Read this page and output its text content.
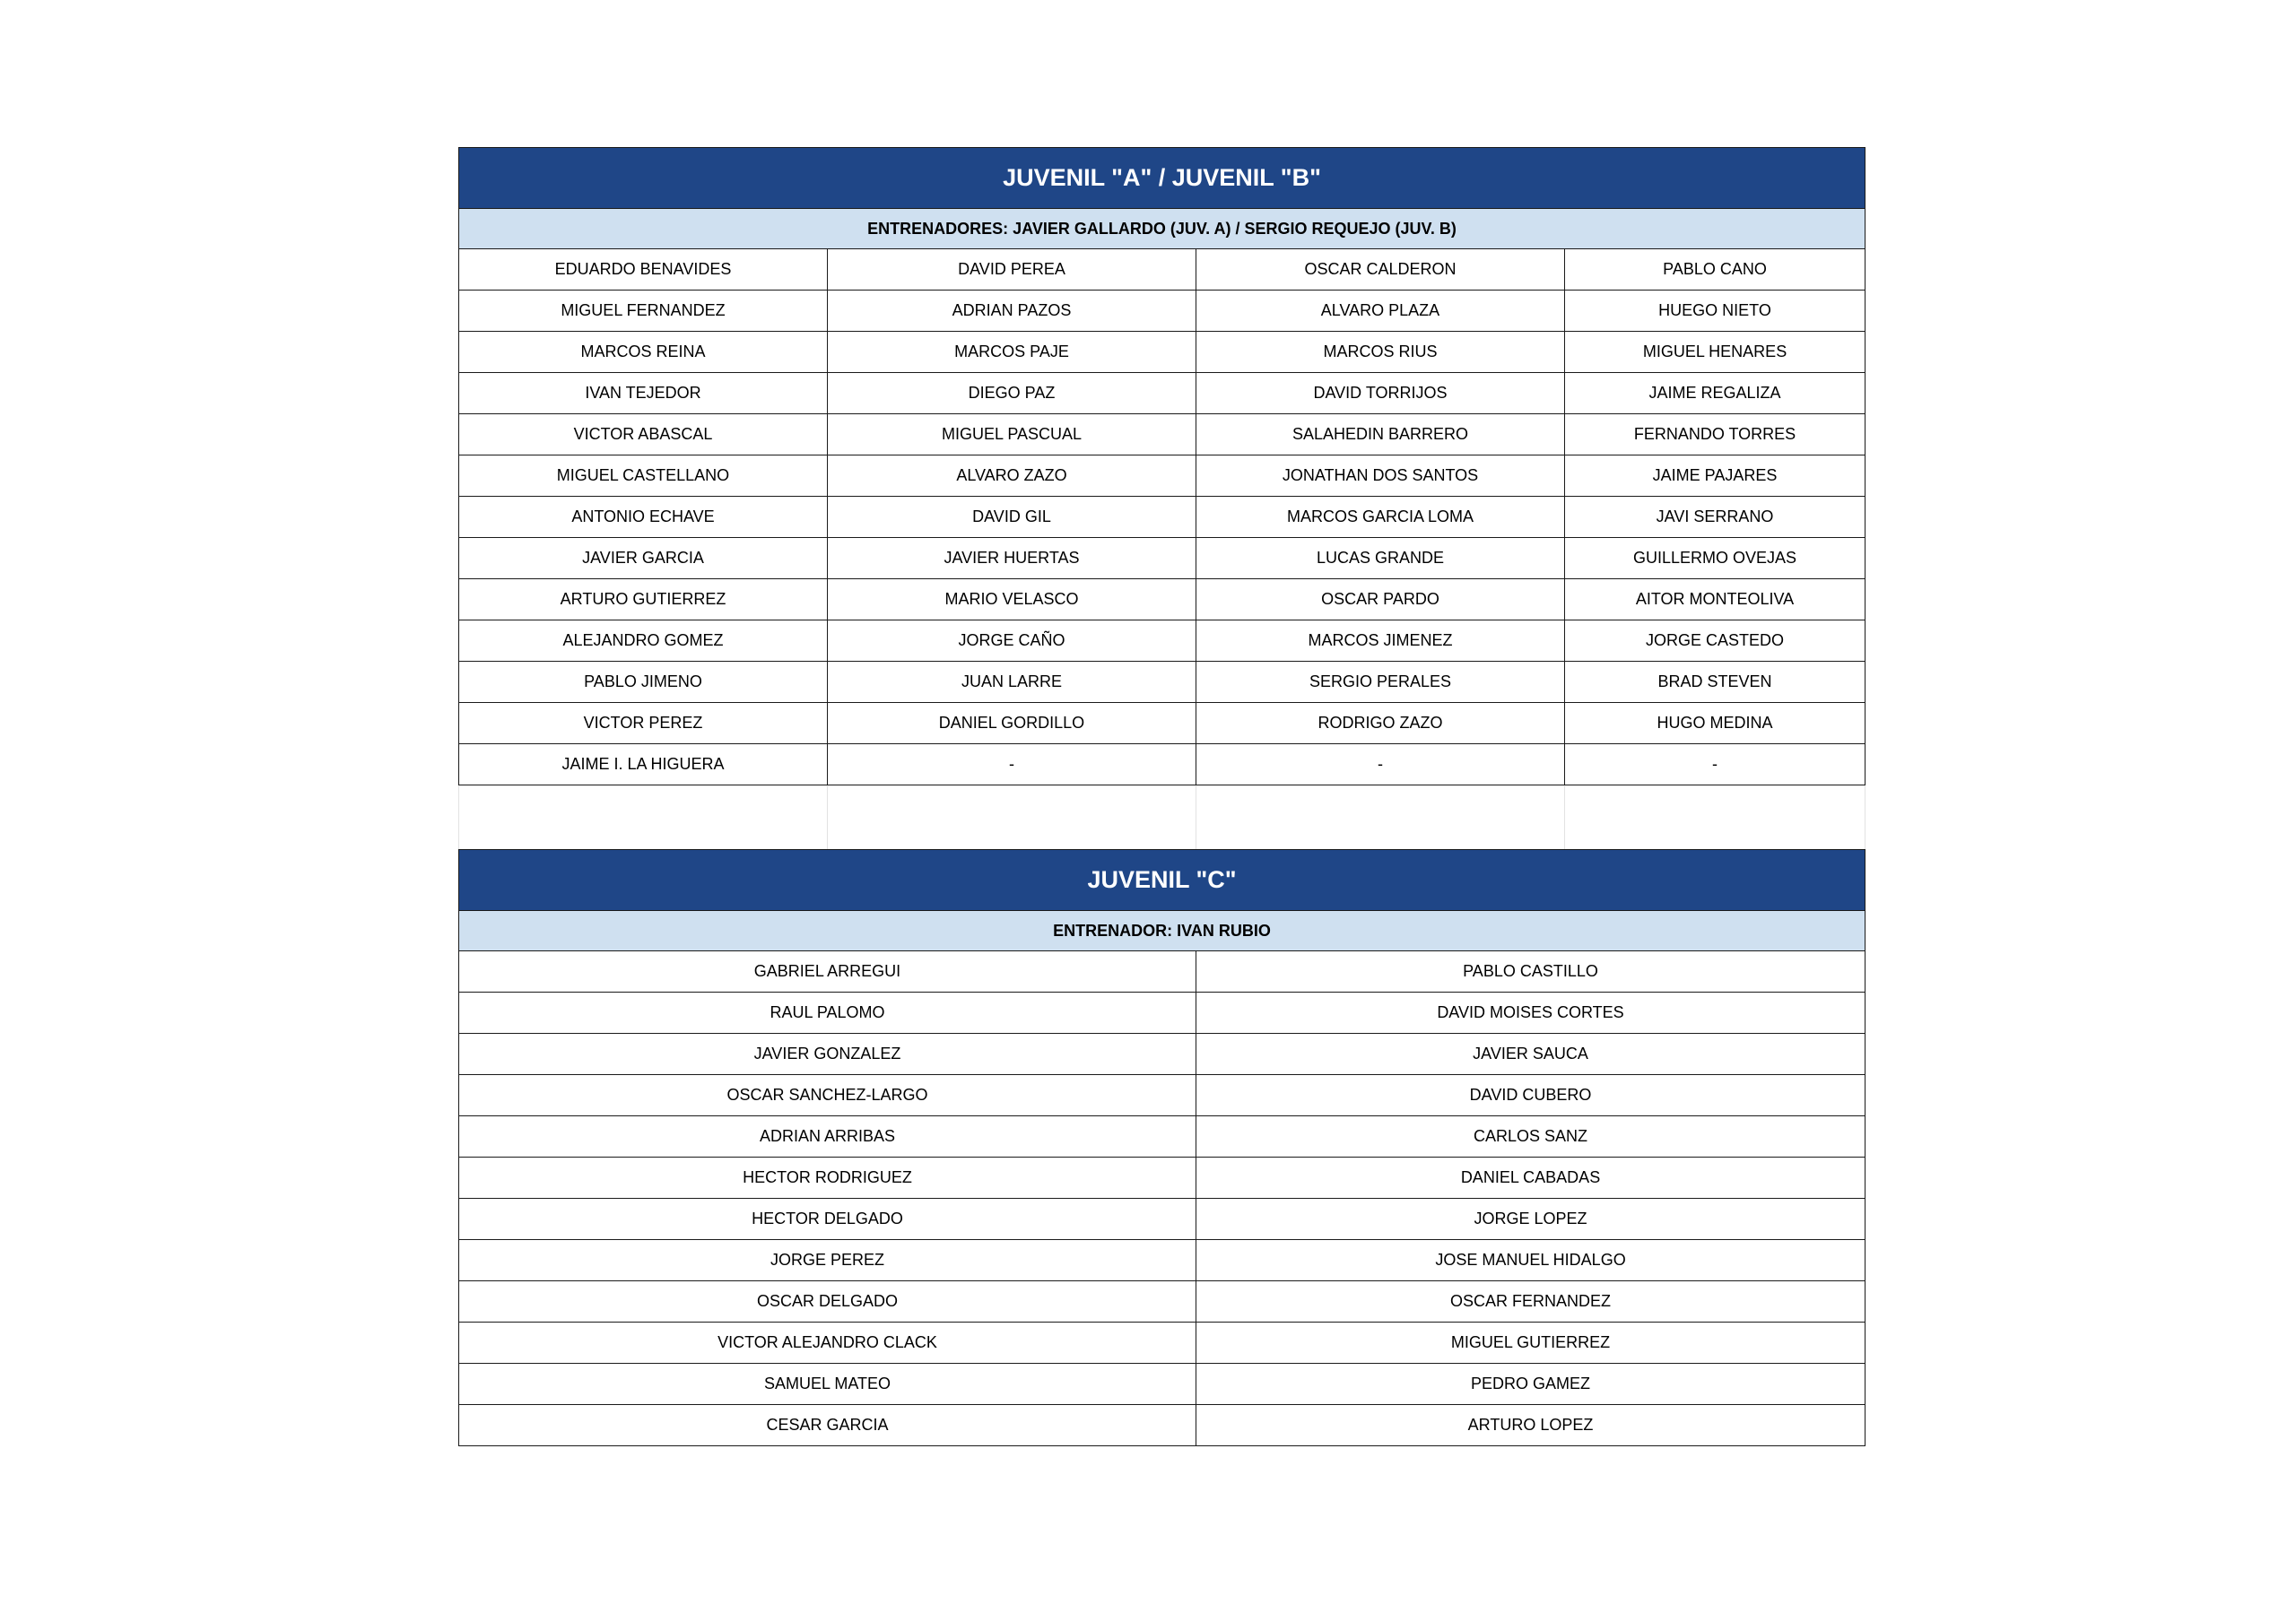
JUVENIL "A" / JUVENIL "B"			
ENTRENADORES: JAVIER GALLARDO (JUV. A) / SERGIO REQUEJO (JUV. B)			
EDUARDO BENAVIDES	DAVID PEREA	OSCAR CALDERON	PABLO CANO
MIGUEL FERNANDEZ	ADRIAN PAZOS	ALVARO PLAZA	HUEGO NIETO
MARCOS REINA	MARCOS PAJE	MARCOS RIUS	MIGUEL HENARES
IVAN TEJEDOR	DIEGO PAZ	DAVID TORRIJOS	JAIME REGALIZA
VICTOR ABASCAL	MIGUEL PASCUAL	SALAHEDIN BARRERO	FERNANDO TORRES
MIGUEL CASTELLANO	ALVARO ZAZO	JONATHAN DOS SANTOS	JAIME PAJARES
ANTONIO ECHAVE	DAVID GIL	MARCOS GARCIA LOMA	JAVI SERRANO
JAVIER GARCIA	JAVIER HUERTAS	LUCAS GRANDE	GUILLERMO OVEJAS
ARTURO GUTIERREZ	MARIO VELASCO	OSCAR PARDO	AITOR MONTEOLIVA
ALEJANDRO GOMEZ	JORGE CAÑO	MARCOS JIMENEZ	JORGE CASTEDO
PABLO JIMENO	JUAN LARRE	SERGIO PERALES	BRAD STEVEN
VICTOR PEREZ	DANIEL GORDILLO	RODRIGO ZAZO	HUGO MEDINA
JAIME I. LA HIGUERA	-	-	-

JUVENIL "C"	
ENTRENADOR: IVAN RUBIO	
GABRIEL ARREGUI	PABLO CASTILLO
RAUL PALOMO	DAVID MOISES CORTES
JAVIER GONZALEZ	JAVIER SAUCA
OSCAR SANCHEZ-LARGO	DAVID CUBERO
ADRIAN ARRIBAS	CARLOS SANZ
HECTOR RODRIGUEZ	DANIEL CABADAS
HECTOR DELGADO	JORGE LOPEZ
JORGE PEREZ	JOSE MANUEL HIDALGO
OSCAR DELGADO	OSCAR FERNANDEZ
VICTOR ALEJANDRO CLACK	MIGUEL GUTIERREZ
SAMUEL MATEO	PEDRO GAMEZ
CESAR GARCIA	ARTURO LOPEZ
